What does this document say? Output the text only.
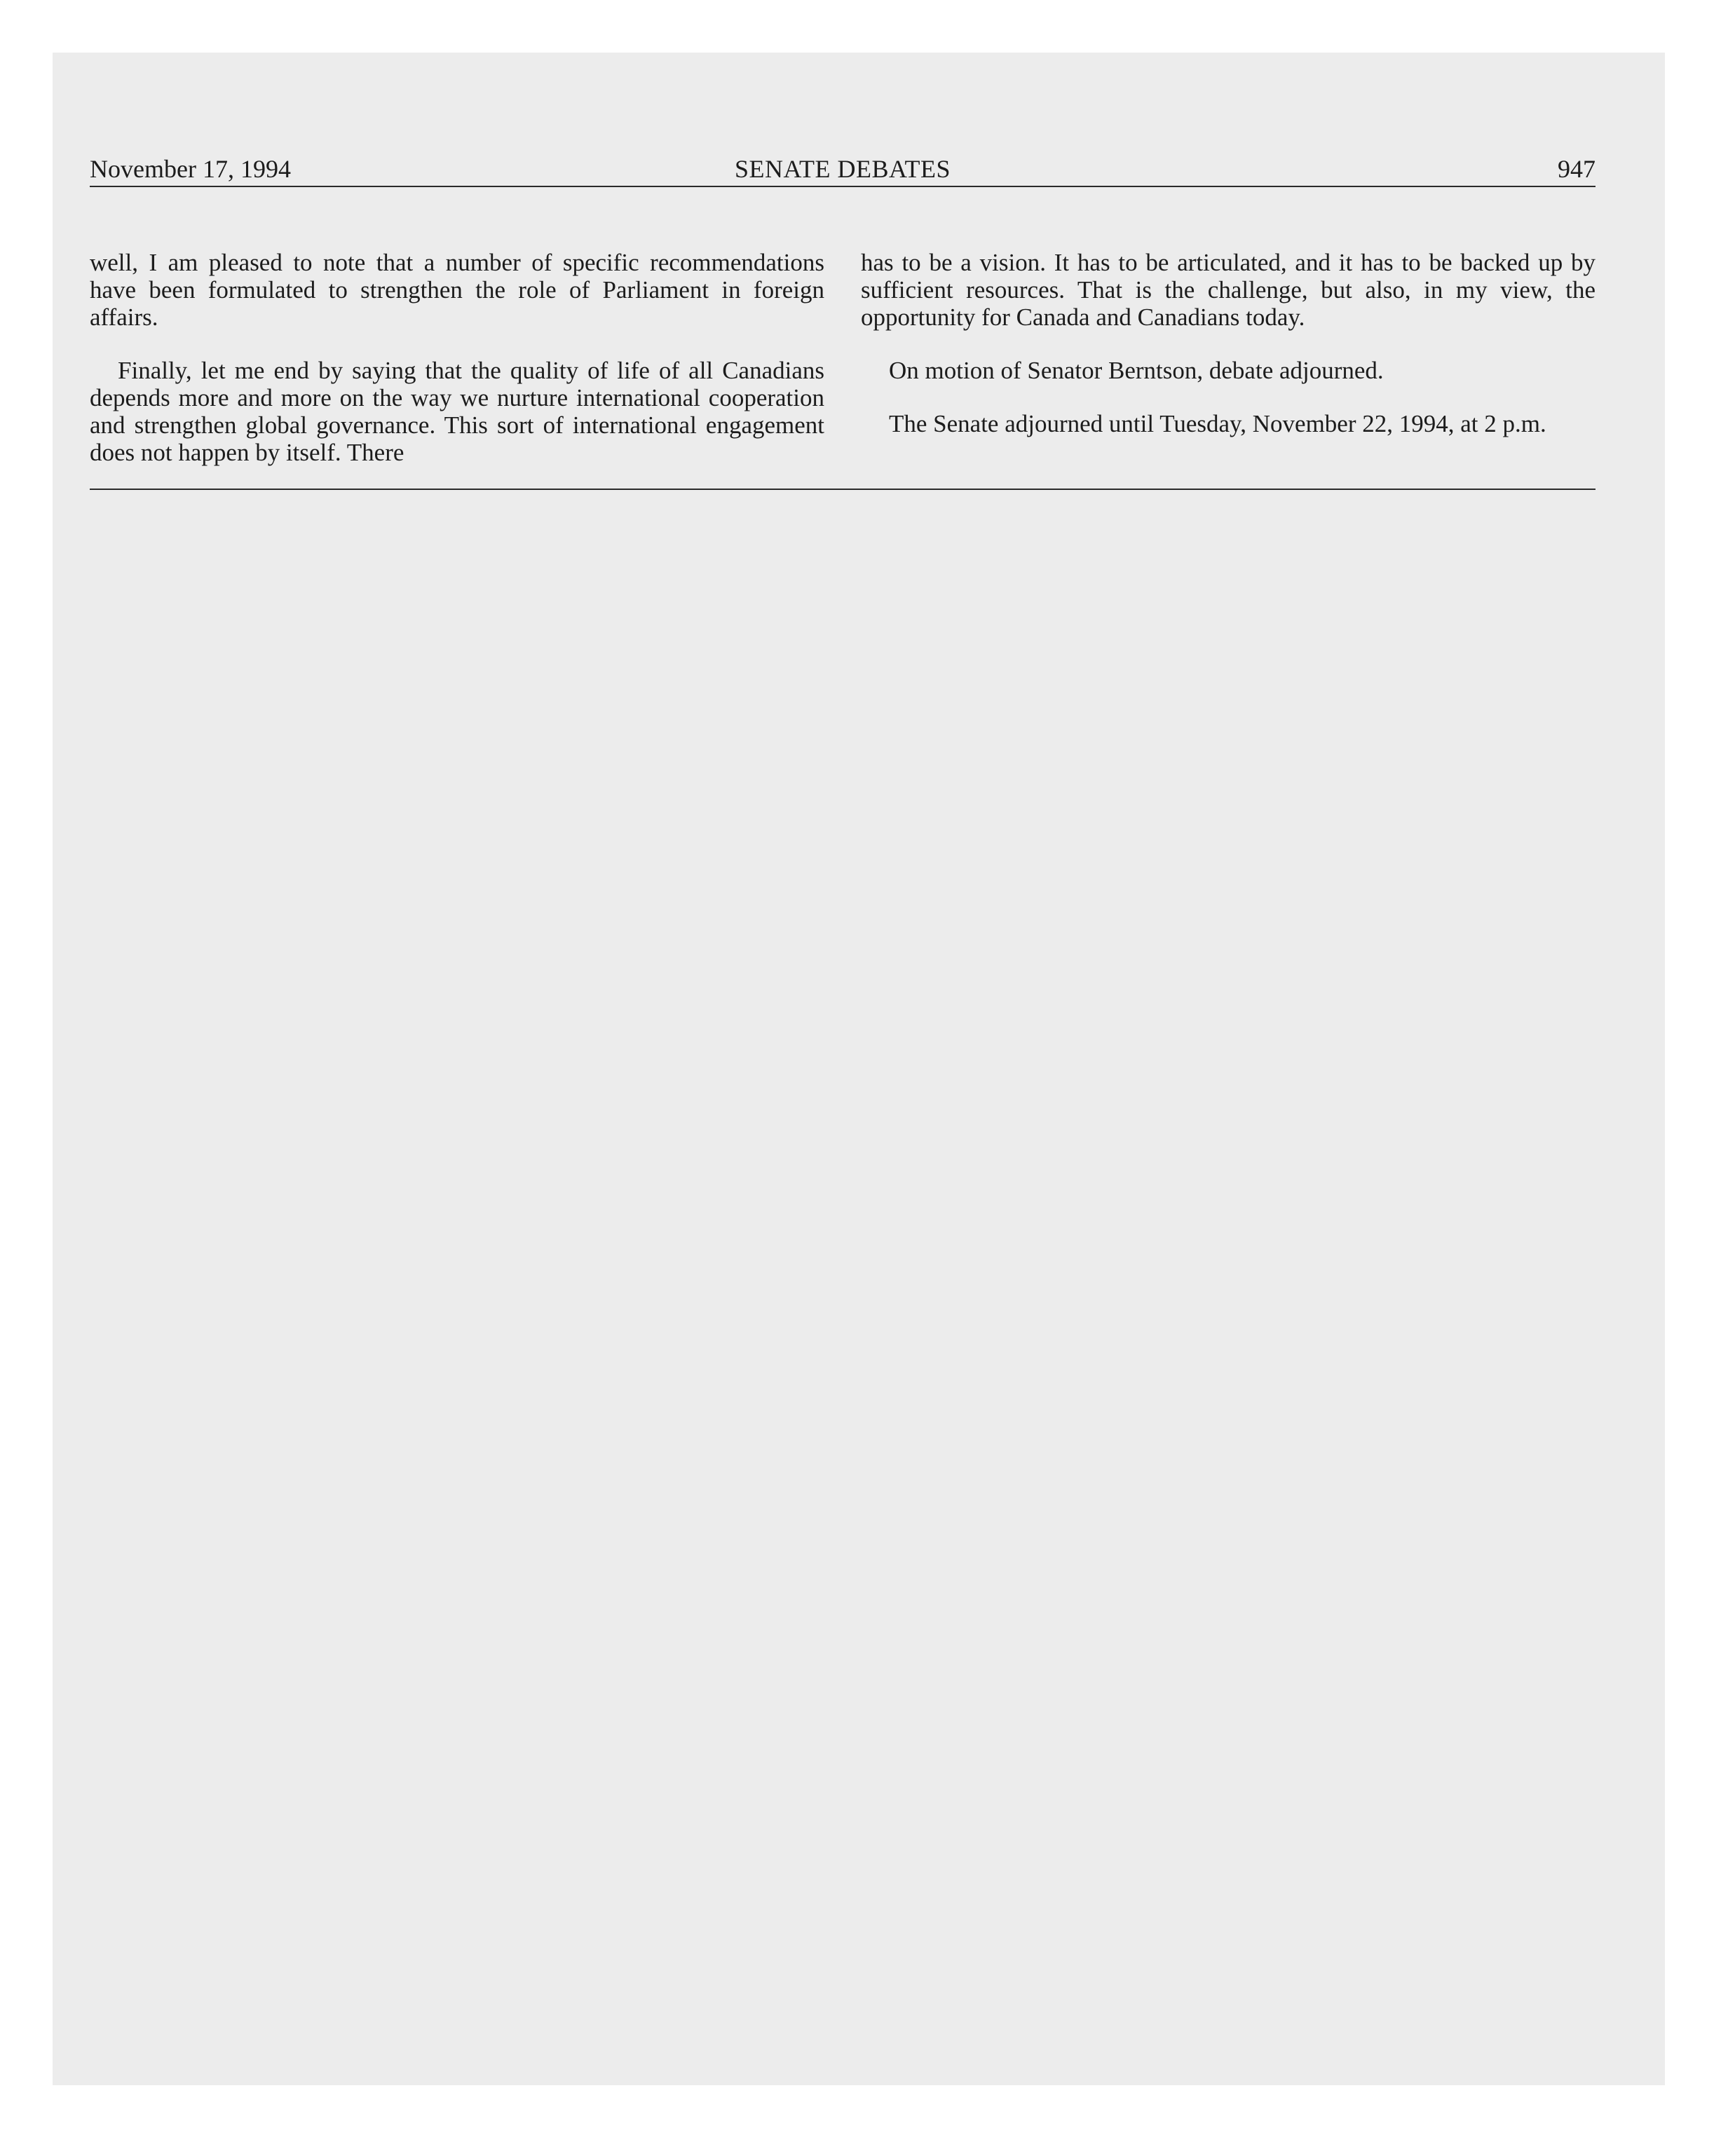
November 17, 1994	SENATE DEBATES	947

well, I am pleased to note that a number of specific recommendations have been formulated to strengthen the role of Parliament in foreign affairs.

Finally, let me end by saying that the quality of life of all Canadians depends more and more on the way we nurture international cooperation and strengthen global governance. This sort of international engagement does not happen by itself. There

has to be a vision. It has to be articulated, and it has to be backed up by sufficient resources. That is the challenge, but also, in my view, the opportunity for Canada and Canadians today.

On motion of Senator Berntson, debate adjourned.

The Senate adjourned until Tuesday, November 22, 1994, at 2 p.m.
